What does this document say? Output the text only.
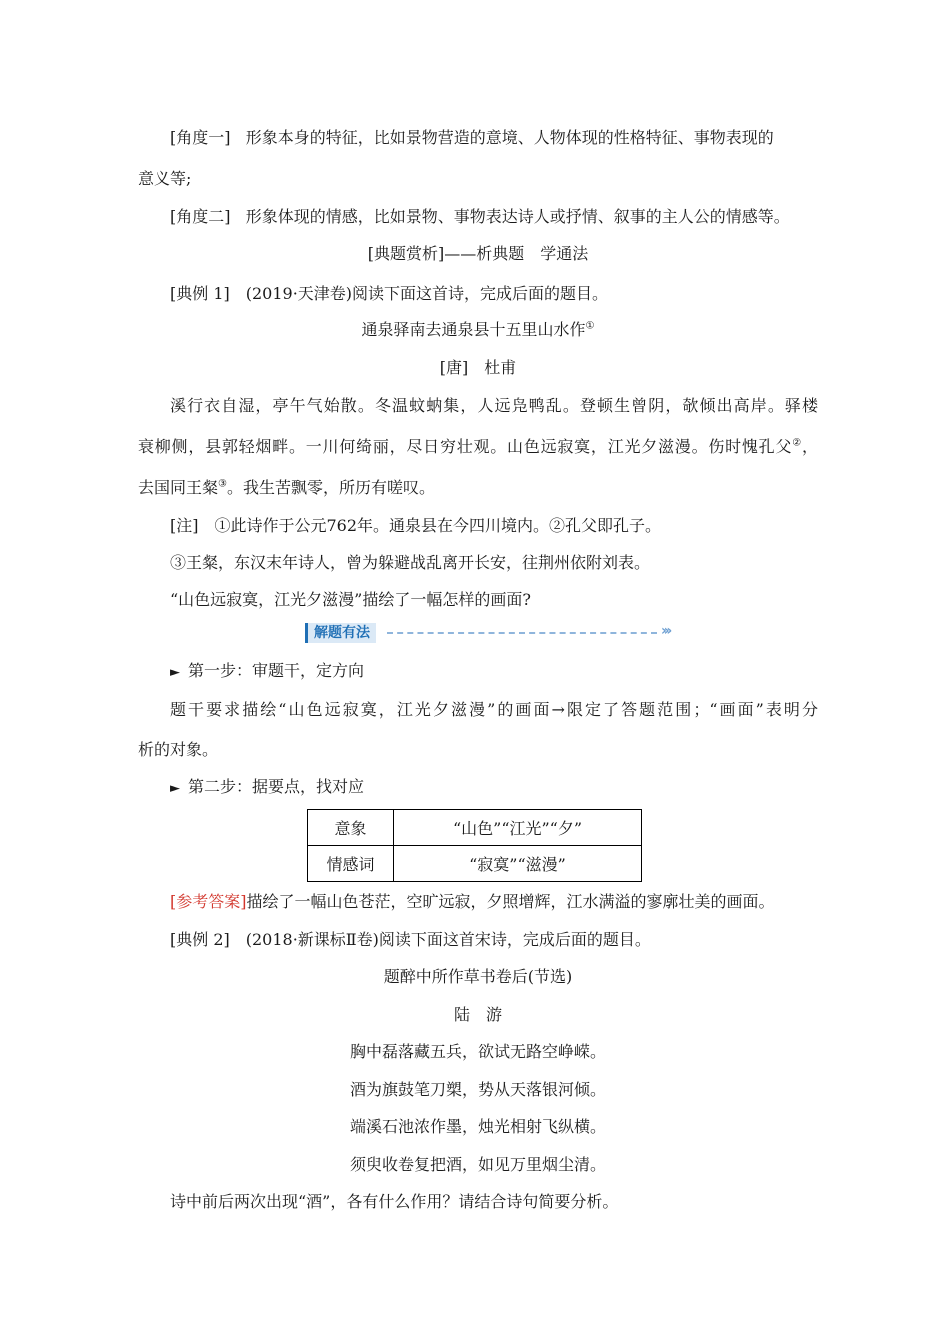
[角度一] 形象本身的特征，比如景物营造的意境、人物体现的性格特征、事物表现的
意义等;
[角度二] 形象体现的情感，比如景物、事物表达诗人或抒情、叙事的主人公的情感等。
[典题赏析]——析典题　学通法
[典例 1]　(2019·天津卷)阅读下面这首诗，完成后面的题目。
通泉驿南去通泉县十五里山水作①
[唐]　杜甫
溪行衣自湿，亭午气始散。冬温蚊蚋集，人远凫鸭乱。登顿生曾阴，欹倾出高岸。驿楼
衰柳侧，县郭轻烟畔。一川何绮丽，尽日穷壮观。山色远寂寞，江光夕滋漫。伤时愧孔父②，
去国同王粲③。我生苦飘零，所历有嗟叹。
[注]　①此诗作于公元762年。通泉县在今四川境内。②孔父即孔子。
③王粲，东汉末年诗人，曾为躲避战乱离开长安，往荆州依附刘表。
“山色远寂寞，江光夕滋漫”描绘了一幅怎样的画面?
解题有法	›››
► 第一步：审题干，定方向
题干要求描绘“山色远寂寞，江光夕滋漫”的画面→限定了答题范围；“画面”表明分
析的对象。
► 第二步：据要点，找对应
意象	“山色”“江光”“夕”
情感词	“寂寞”“滋漫”
[参考答案]描绘了一幅山色苍茫，空旷远寂，夕照增辉，江水满溢的寥廓壮美的画面。
[典例 2]　(2018·新课标Ⅱ卷)阅读下面这首宋诗，完成后面的题目。
题醉中所作草书卷后(节选)
陆　游
胸中磊落藏五兵，欲试无路空峥嵘。
酒为旗鼓笔刀槊，势从天落银河倾。
端溪石池浓作墨，烛光相射飞纵横。
须臾收卷复把酒，如见万里烟尘清。
诗中前后两次出现“酒”，各有什么作用？请结合诗句简要分析。
